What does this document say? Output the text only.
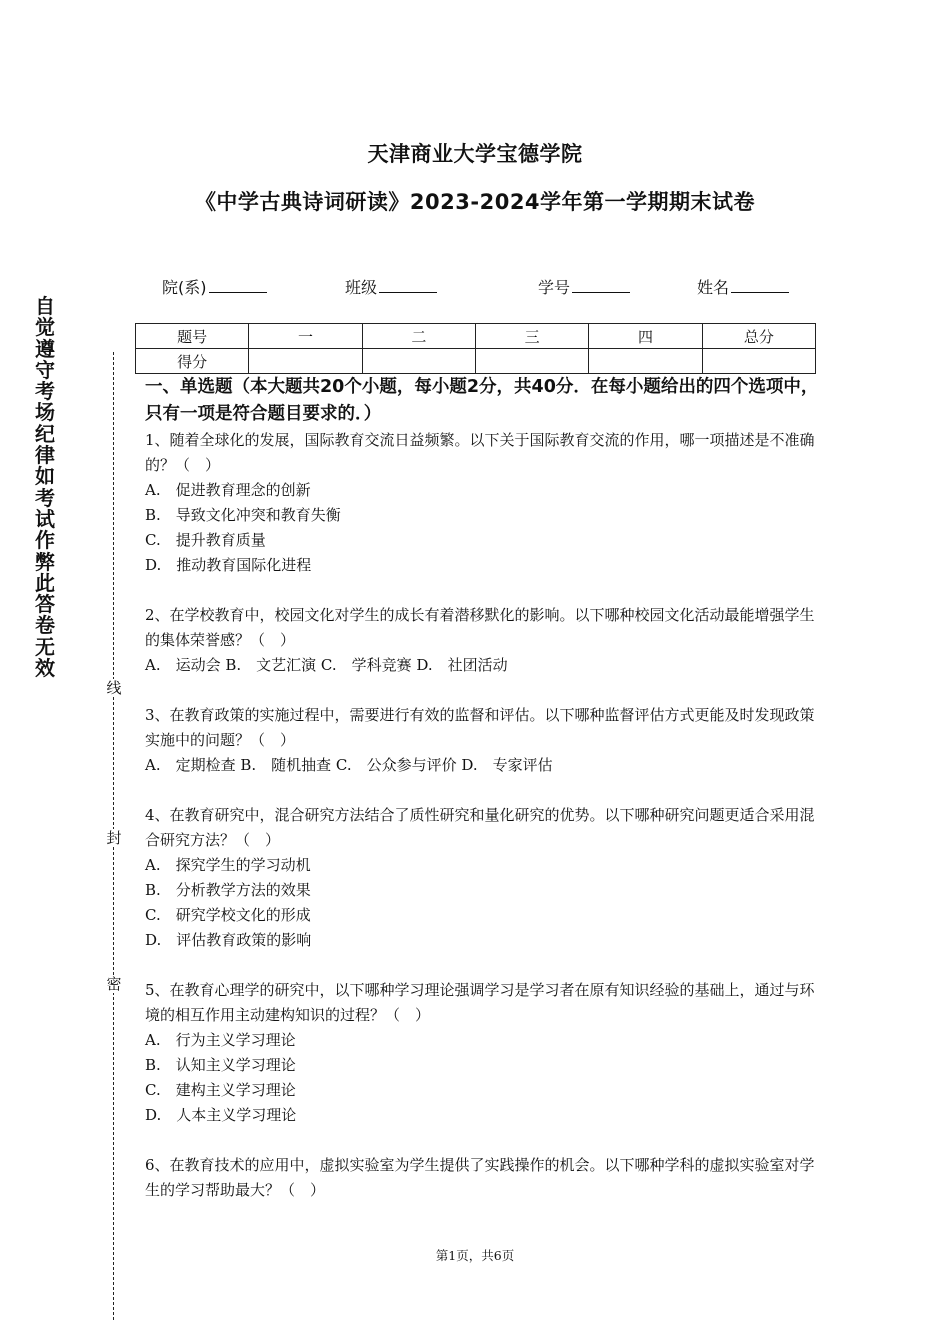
天津商业大学宝德学院
《中学古典诗词研读》2023-2024学年第一学期期末试卷
院(系)	班级	学号	姓名
题号	一	二	三	四	总分
得分					
自觉遵守考场纪律如考试作弊此答卷无效
线
封
密

一、单选题（本大题共20个小题，每小题2分，共40分．在每小题给出的四个选项中，只有一项是符合题目要求的．）

1、随着全球化的发展，国际教育交流日益频繁。以下关于国际教育交流的作用，哪一项描述是不准确的？（　）

A.　促进教育理念的创新

B.　导致文化冲突和教育失衡

C.　提升教育质量

D.　推动教育国际化进程

2、在学校教育中，校园文化对学生的成长有着潜移默化的影响。以下哪种校园文化活动最能增强学生的集体荣誉感？（　）

A.　运动会 B.　文艺汇演 C.　学科竞赛 D.　社团活动

3、在教育政策的实施过程中，需要进行有效的监督和评估。以下哪种监督评估方式更能及时发现政策实施中的问题？（　）

A.　定期检查 B.　随机抽查 C.　公众参与评价 D.　专家评估

4、在教育研究中，混合研究方法结合了质性研究和量化研究的优势。以下哪种研究问题更适合采用混合研究方法？（　）

A.　探究学生的学习动机

B.　分析教学方法的效果

C.　研究学校文化的形成

D.　评估教育政策的影响

5、在教育心理学的研究中，以下哪种学习理论强调学习是学习者在原有知识经验的基础上，通过与环境的相互作用主动建构知识的过程？（　）

A.　行为主义学习理论

B.　认知主义学习理论

C.　建构主义学习理论

D.　人本主义学习理论

6、在教育技术的应用中，虚拟实验室为学生提供了实践操作的机会。以下哪种学科的虚拟实验室对学生的学习帮助最大？（　）

第1页，共6页
